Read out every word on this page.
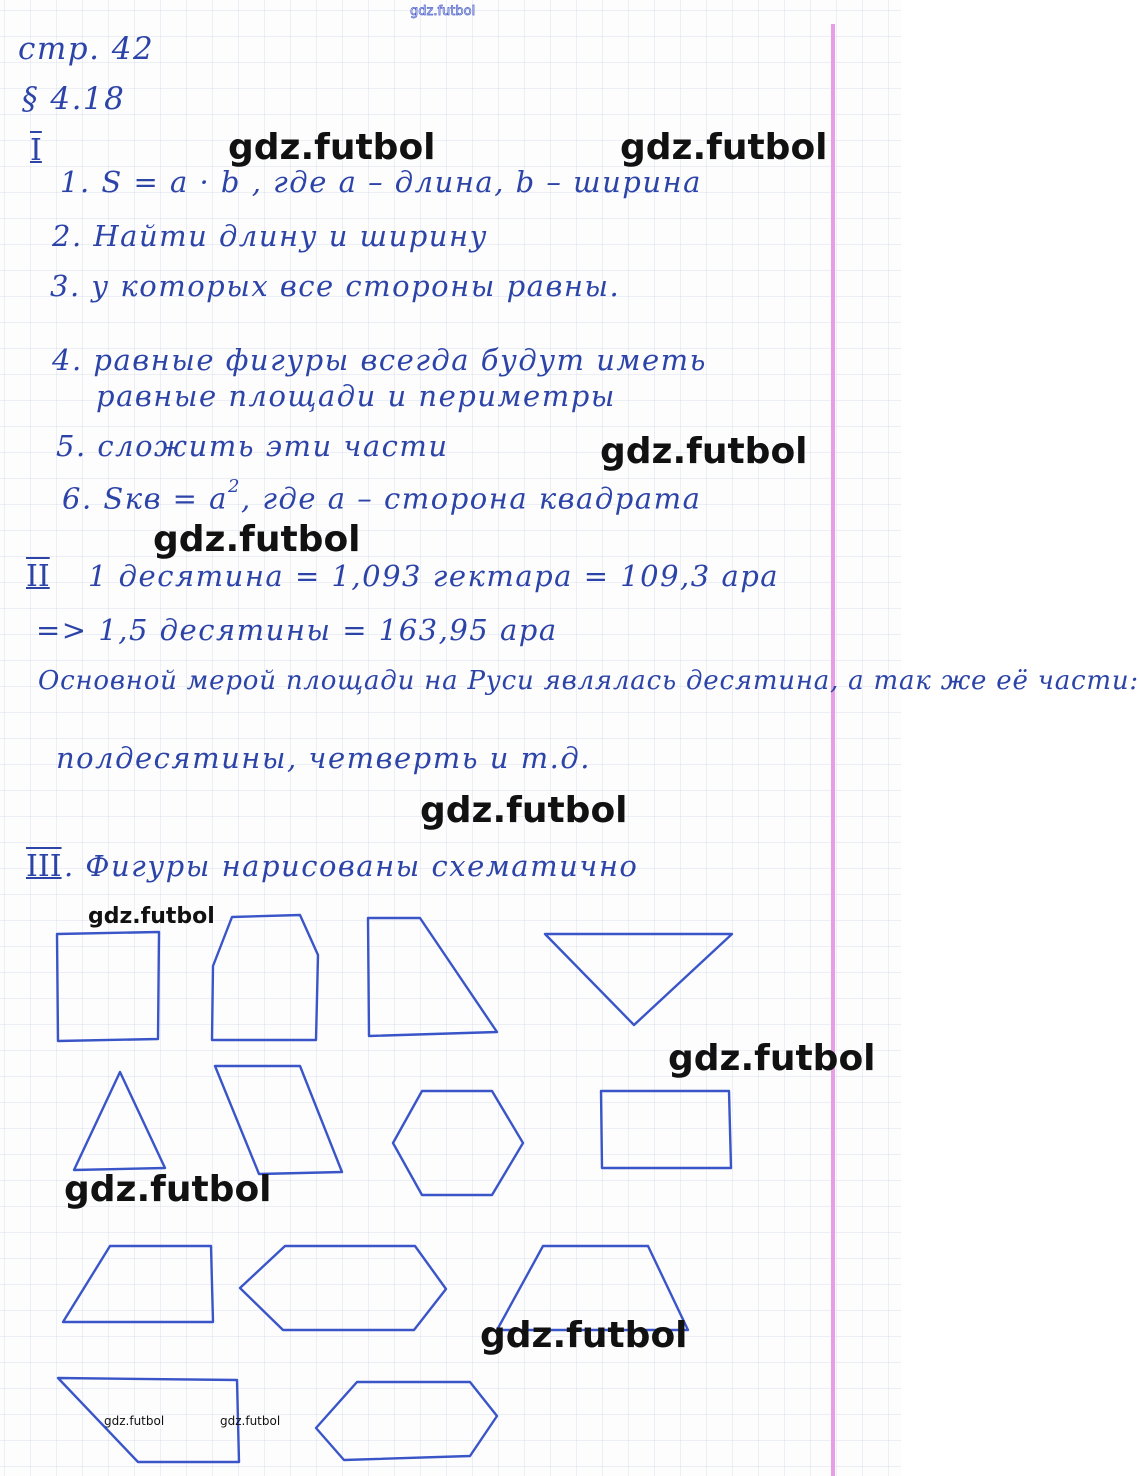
gdz.futbol
стр. 42
§ 4.18
I
1. S = a · b , где a – длина, b – ширина
2. Найти длину и ширину
3. у которых все стороны равны.
4. равные фигуры всегда будут иметь
равные площади и периметры
5. сложить эти части
6. Sкв = $a^2$, где a – сторона квадрата
II 1 десятина = 1,093 гектара = 109,3 ара
=> 1,5 десятины = 163,95 ара
Основной мерой площади на Руси являлась десятина, а так же её части:
полдесятины, четверть и т.д.
III . Фигуры нарисованы схематично
gdz.futbol	gdz.futbol
gdz.futbol
gdz.futbol
gdz.futbol
gdz.futbol
gdz.futbol
gdz.futbol
gdz.futbol
gdz.futbol	gdz.futbol
